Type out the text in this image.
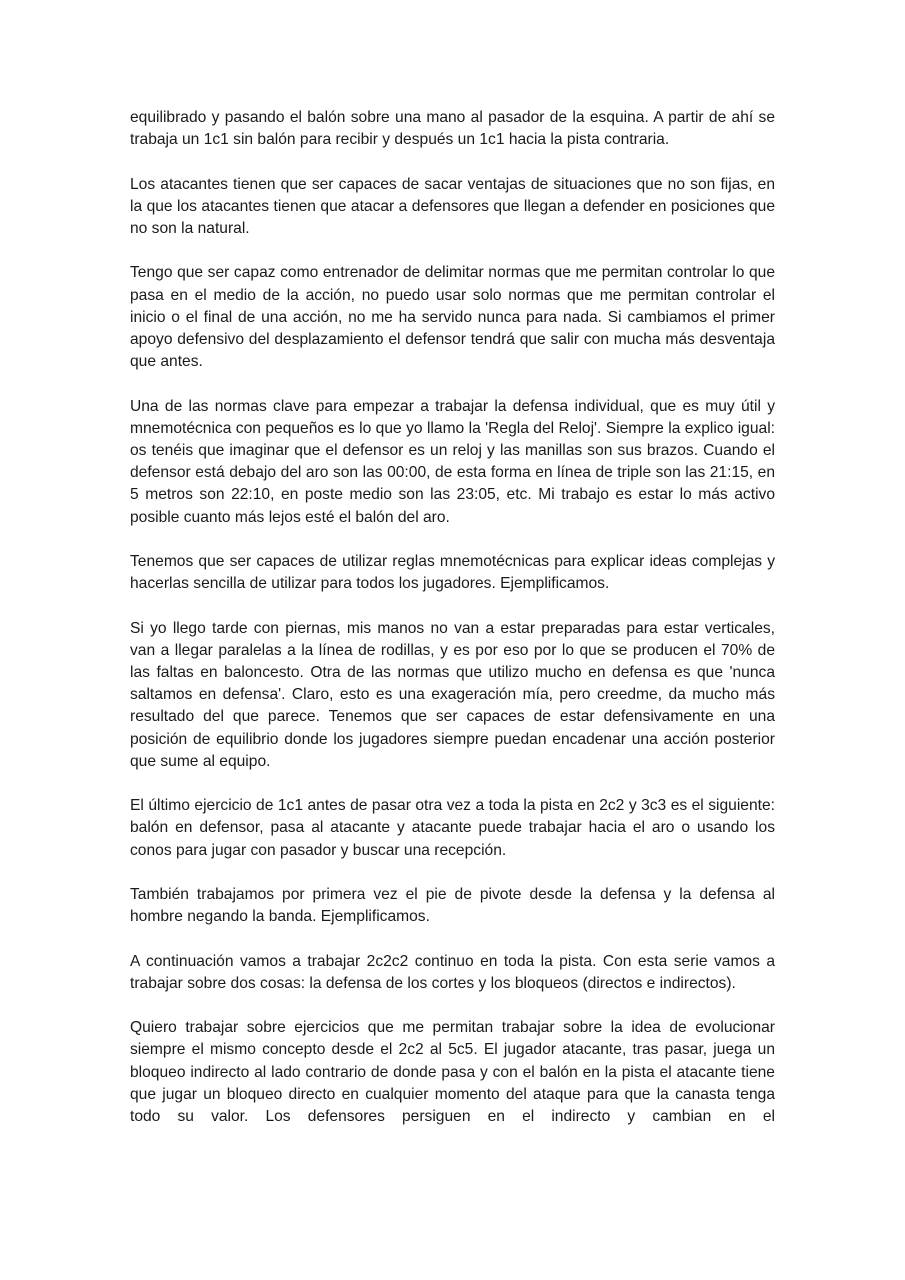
equilibrado y pasando el balón sobre una mano al pasador de la esquina. A partir de ahí se trabaja un 1c1 sin balón para recibir y después un 1c1 hacia la pista contraria.

Los atacantes tienen que ser capaces de sacar ventajas de situaciones que no son fijas, en la que los atacantes tienen que atacar a defensores que llegan a defender en posiciones que no son la natural.

Tengo que ser capaz como entrenador de delimitar normas que me permitan controlar lo que pasa en el medio de la acción, no puedo usar solo normas que me permitan controlar el inicio o el final de una acción, no me ha servido nunca para nada. Si cambiamos el primer apoyo defensivo del desplazamiento el defensor tendrá que salir con mucha más desventaja que antes.

Una de las normas clave para empezar a trabajar la defensa individual, que es muy útil y mnemotécnica con pequeños es lo que yo llamo la 'Regla del Reloj'. Siempre la explico igual: os tenéis que imaginar que el defensor es un reloj y las manillas son sus brazos. Cuando el defensor está debajo del aro son las 00:00, de esta forma en línea de triple son las 21:15, en 5 metros son 22:10, en poste medio son las 23:05, etc. Mi trabajo es estar lo más activo posible cuanto más lejos esté el balón del aro.

Tenemos que ser capaces de utilizar reglas mnemotécnicas para explicar ideas complejas y hacerlas sencilla de utilizar para todos los jugadores. Ejemplificamos.

Si yo llego tarde con piernas, mis manos no van a estar preparadas para estar verticales, van a llegar paralelas a la línea de rodillas, y es por eso por lo que se producen el 70% de las faltas en baloncesto. Otra de las normas que utilizo mucho en defensa es que 'nunca saltamos en defensa'. Claro, esto es una exageración mía, pero creedme, da mucho más resultado del que parece. Tenemos que ser capaces de estar defensivamente en una posición de equilibrio donde los jugadores siempre puedan encadenar una acción posterior que sume al equipo.

El último ejercicio de 1c1 antes de pasar otra vez a toda la pista en 2c2 y 3c3 es el siguiente: balón en defensor, pasa al atacante y atacante puede trabajar hacia el aro o usando los conos para jugar con pasador y buscar una recepción.

También trabajamos por primera vez el pie de pivote desde la defensa y la defensa al hombre negando la banda. Ejemplificamos.

A continuación vamos a trabajar 2c2c2 continuo en toda la pista. Con esta serie vamos a trabajar sobre dos cosas: la defensa de los cortes y los bloqueos (directos e indirectos).

Quiero trabajar sobre ejercicios que me permitan trabajar sobre la idea de evolucionar siempre el mismo concepto desde el 2c2 al 5c5. El jugador atacante, tras pasar, juega un bloqueo indirecto al lado contrario de donde pasa y con el balón en la pista el atacante tiene que jugar un bloqueo directo en cualquier momento del ataque para que la canasta tenga todo su valor. Los defensores persiguen en el indirecto y cambian en el
